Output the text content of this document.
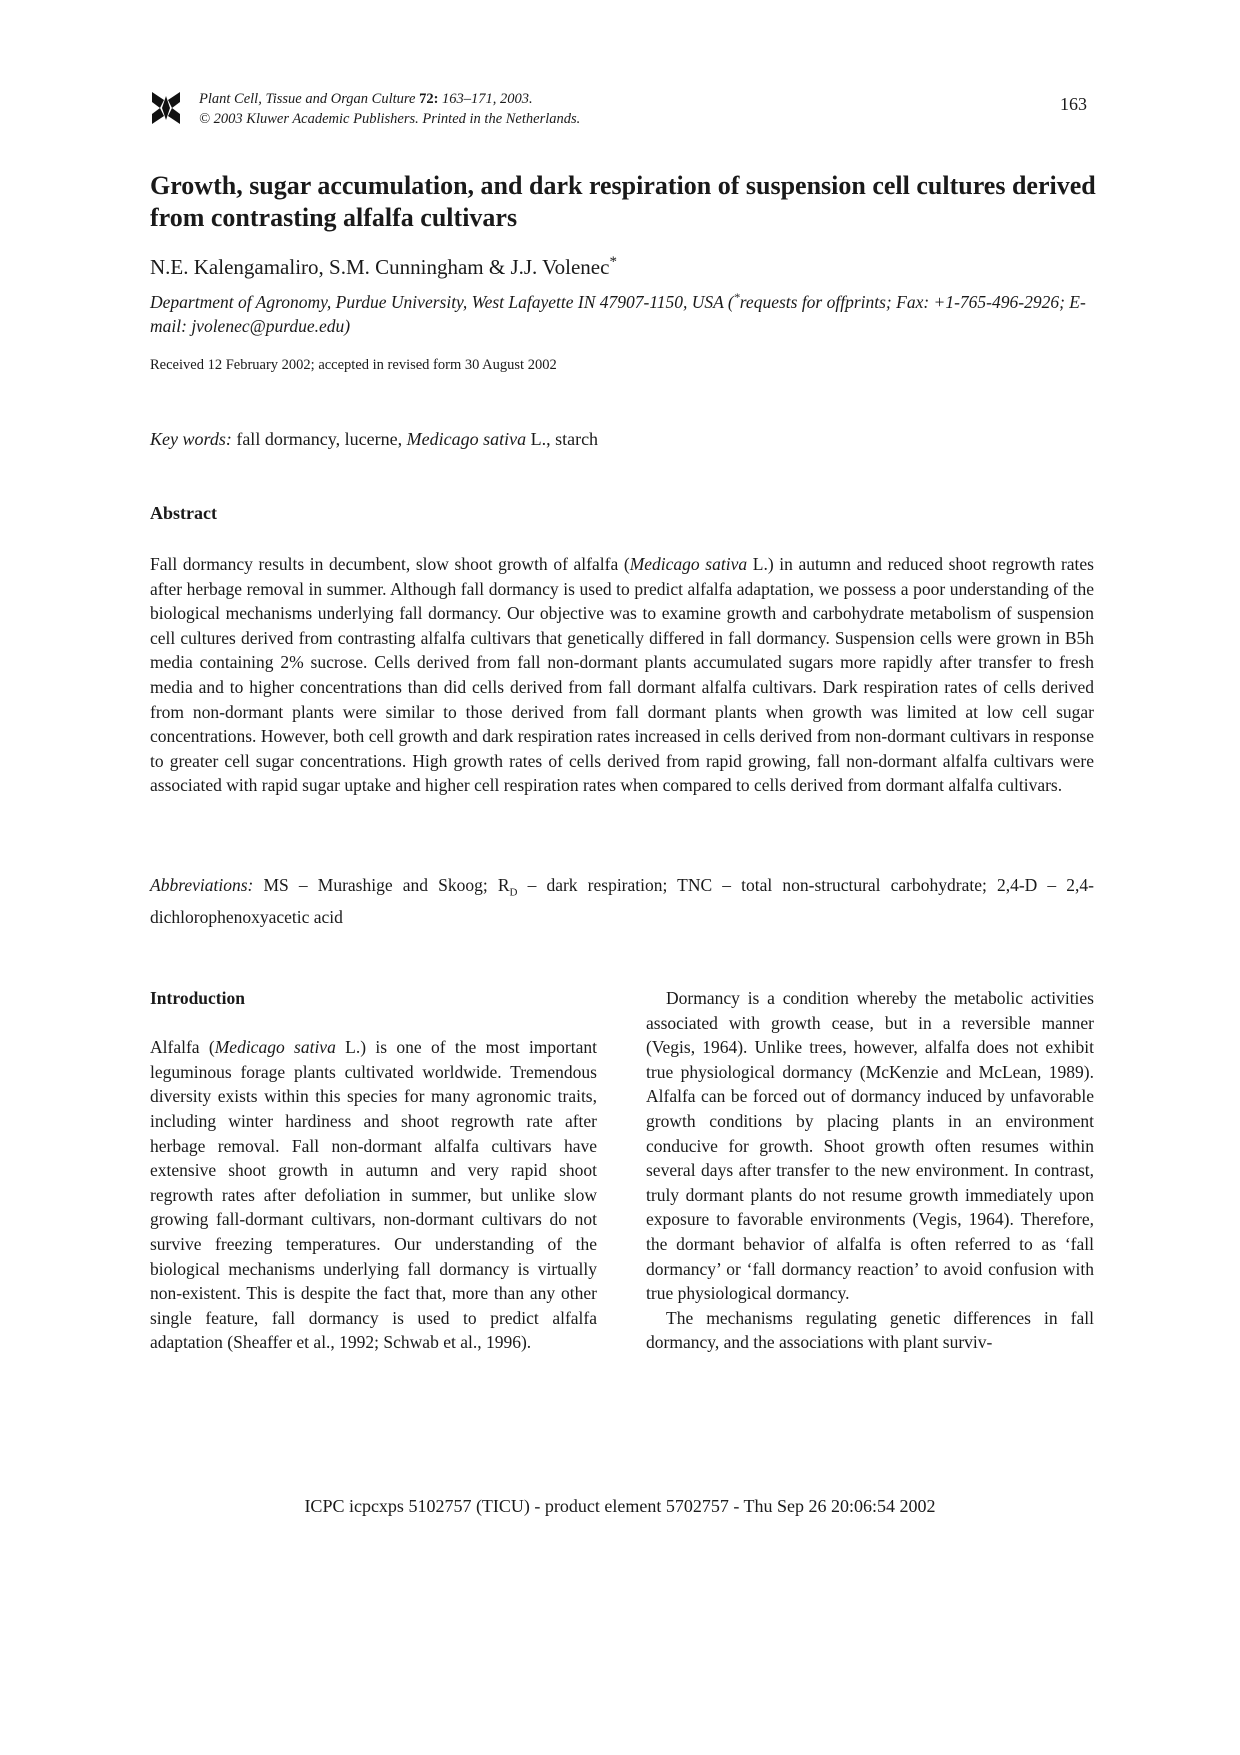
Plant Cell, Tissue and Organ Culture 72: 163–171, 2003.
© 2003 Kluwer Academic Publishers. Printed in the Netherlands.
163
Growth, sugar accumulation, and dark respiration of suspension cell cultures derived from contrasting alfalfa cultivars
N.E. Kalengamaliro, S.M. Cunningham & J.J. Volenec*
Department of Agronomy, Purdue University, West Lafayette IN 47907-1150, USA (*requests for offprints; Fax: +1-765-496-2926; E-mail: jvolenec@purdue.edu)
Received 12 February 2002; accepted in revised form 30 August 2002
Key words: fall dormancy, lucerne, Medicago sativa L., starch
Abstract
Fall dormancy results in decumbent, slow shoot growth of alfalfa (Medicago sativa L.) in autumn and reduced shoot regrowth rates after herbage removal in summer. Although fall dormancy is used to predict alfalfa adaptation, we possess a poor understanding of the biological mechanisms underlying fall dormancy. Our objective was to examine growth and carbohydrate metabolism of suspension cell cultures derived from contrasting alfalfa cultivars that genetically differed in fall dormancy. Suspension cells were grown in B5h media containing 2% sucrose. Cells derived from fall non-dormant plants accumulated sugars more rapidly after transfer to fresh media and to higher concentrations than did cells derived from fall dormant alfalfa cultivars. Dark respiration rates of cells derived from non-dormant plants were similar to those derived from fall dormant plants when growth was limited at low cell sugar concentrations. However, both cell growth and dark respiration rates increased in cells derived from non-dormant cultivars in response to greater cell sugar concentrations. High growth rates of cells derived from rapid growing, fall non-dormant alfalfa cultivars were associated with rapid sugar uptake and higher cell respiration rates when compared to cells derived from dormant alfalfa cultivars.
Abbreviations: MS – Murashige and Skoog; $R_D$ – dark respiration; TNC – total non-structural carbohydrate; 2,4-D – 2,4-dichlorophenoxyacetic acid
Introduction

Alfalfa (Medicago sativa L.) is one of the most important leguminous forage plants cultivated worldwide. Tremendous diversity exists within this species for many agronomic traits, including winter hardiness and shoot regrowth rate after herbage removal. Fall non-dormant alfalfa cultivars have extensive shoot growth in autumn and very rapid shoot regrowth rates after defoliation in summer, but unlike slow growing fall-dormant cultivars, non-dormant cultivars do not survive freezing temperatures. Our understanding of the biological mechanisms underlying fall dormancy is virtually non-existent. This is despite the fact that, more than any other single feature, fall dormancy is used to predict alfalfa adaptation (Sheaffer et al., 1992; Schwab et al., 1996).

Dormancy is a condition whereby the metabolic activities associated with growth cease, but in a reversible manner (Vegis, 1964). Unlike trees, however, alfalfa does not exhibit true physiological dormancy (McKenzie and McLean, 1989). Alfalfa can be forced out of dormancy induced by unfavorable growth conditions by placing plants in an environment conducive for growth. Shoot growth often resumes within several days after transfer to the new environment. In contrast, truly dormant plants do not resume growth immediately upon exposure to favorable environments (Vegis, 1964). Therefore, the dormant behavior of alfalfa is often referred to as ‘fall dormancy’ or ‘fall dormancy reaction’ to avoid confusion with true physiological dormancy.

The mechanisms regulating genetic differences in fall dormancy, and the associations with plant surviv-

ICPC icpcxps 5102757 (TICU) - product element 5702757 - Thu Sep 26 20:06:54 2002
